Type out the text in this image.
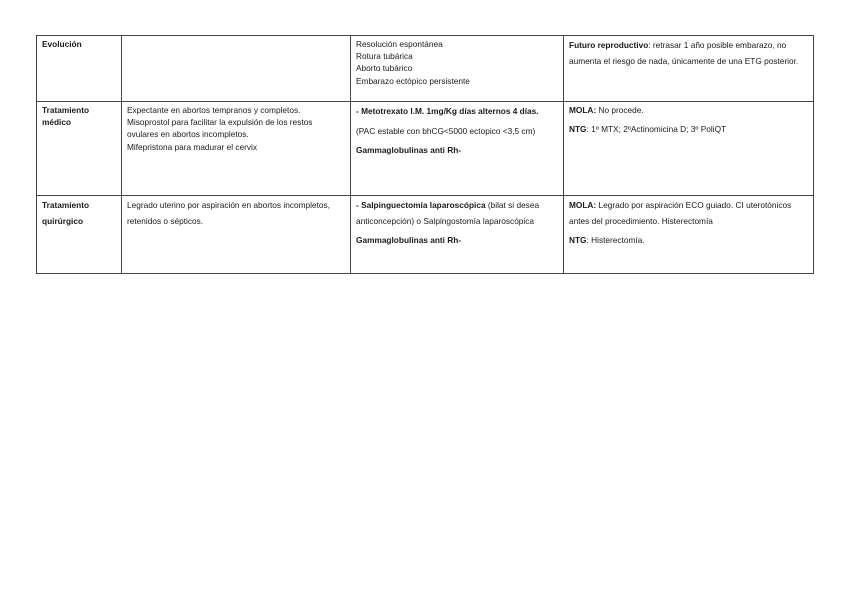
Evolución		Resolución espontánea
Rotura tubárica
Aborto tubárico
Embarazo ectópico persistente	Futuro reproductivo: retrasar 1 año posible embarazo, no aumenta el riesgo de nada, únicamente de una ETG posterior.

Tratamiento
médico	Expectante en abortos tempranos y completos.
Misoprostol para facilitar la expulsión de los restos ovulares en abortos incompletos.
Mifepristona para madurar el cervix	- Metotrexato I.M. 1mg/Kg días alternos 4 días.
(PAC estable con bhCG<5000 ectopico <3,5 cm)
Gammaglobulinas anti Rh-	MOLA: No procede.
NTG: 1º MTX; 2ºActinomicina D; 3º PoliQT

Tratamiento
quirúrgico	Legrado uterino por aspiración en abortos incompletos, retenidos o sépticos.	- Salpinguectomía laparoscópica (bilat si desea anticoncepción) o Salpingostomía laparoscópica
Gammaglobulinas anti Rh-	MOLA: Legrado por aspiración ECO guiado. CI uterotónicos antes del procedimiento. Histerectomía
NTG: Histerectomía.
